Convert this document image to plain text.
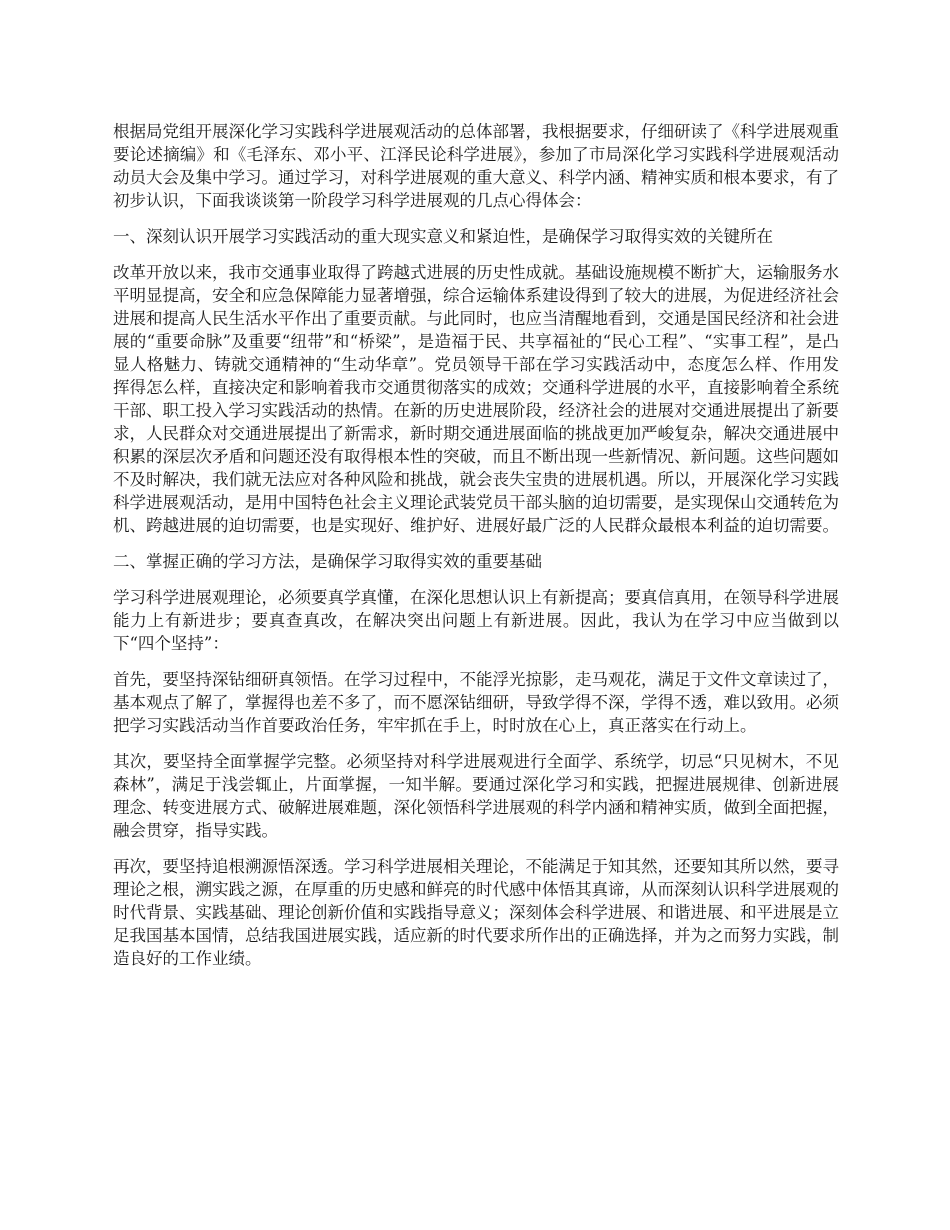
根据局党组开展深化学习实践科学进展观活动的总体部署，我根据要求，仔细研读了《科学进展观重要论述摘编》和《毛泽东、邓小平、江泽民论科学进展》，参加了市局深化学习实践科学进展观活动动员大会及集中学习。通过学习，对科学进展观的重大意义、科学内涵、精神实质和根本要求，有了初步认识，下面我谈谈第一阶段学习科学进展观的几点心得体会：

一、深刻认识开展学习实践活动的重大现实意义和紧迫性，是确保学习取得实效的关键所在

改革开放以来，我市交通事业取得了跨越式进展的历史性成就。基础设施规模不断扩大，运输服务水平明显提高，安全和应急保障能力显著增强，综合运输体系建设得到了较大的进展，为促进经济社会进展和提高人民生活水平作出了重要贡献。与此同时，也应当清醒地看到，交通是国民经济和社会进展的“重要命脉”及重要“纽带”和“桥梁”，是造福于民、共享福祉的“民心工程”、“实事工程”，是凸显人格魅力、铸就交通精神的“生动华章”。党员领导干部在学习实践活动中，态度怎么样、作用发挥得怎么样，直接决定和影响着我市交通贯彻落实的成效；交通科学进展的水平，直接影响着全系统干部、职工投入学习实践活动的热情。在新的历史进展阶段，经济社会的进展对交通进展提出了新要求，人民群众对交通进展提出了新需求，新时期交通进展面临的挑战更加严峻复杂，解决交通进展中积累的深层次矛盾和问题还没有取得根本性的突破，而且不断出现一些新情况、新问题。这些问题如不及时解决，我们就无法应对各种风险和挑战，就会丧失宝贵的进展机遇。所以，开展深化学习实践科学进展观活动，是用中国特色社会主义理论武装党员干部头脑的迫切需要，是实现保山交通转危为机、跨越进展的迫切需要，也是实现好、维护好、进展好最广泛的人民群众最根本利益的迫切需要。

二、掌握正确的学习方法，是确保学习取得实效的重要基础

学习科学进展观理论，必须要真学真懂，在深化思想认识上有新提高；要真信真用，在领导科学进展能力上有新进步；要真查真改，在解决突出问题上有新进展。因此，我认为在学习中应当做到以下“四个坚持”：

首先，要坚持深钻细研真领悟。在学习过程中，不能浮光掠影，走马观花，满足于文件文章读过了，基本观点了解了，掌握得也差不多了，而不愿深钻细研，导致学得不深，学得不透，难以致用。必须把学习实践活动当作首要政治任务，牢牢抓在手上，时时放在心上，真正落实在行动上。

其次，要坚持全面掌握学完整。必须坚持对科学进展观进行全面学、系统学，切忌“只见树木，不见森林”，满足于浅尝辄止，片面掌握，一知半解。要通过深化学习和实践，把握进展规律、创新进展理念、转变进展方式、破解进展难题，深化领悟科学进展观的科学内涵和精神实质，做到全面把握，融会贯穿，指导实践。

再次，要坚持追根溯源悟深透。学习科学进展相关理论，不能满足于知其然，还要知其所以然，要寻理论之根，溯实践之源，在厚重的历史感和鲜亮的时代感中体悟其真谛，从而深刻认识科学进展观的时代背景、实践基础、理论创新价值和实践指导意义；深刻体会科学进展、和谐进展、和平进展是立足我国基本国情，总结我国进展实践，适应新的时代要求所作出的正确选择，并为之而努力实践，制造良好的工作业绩。
